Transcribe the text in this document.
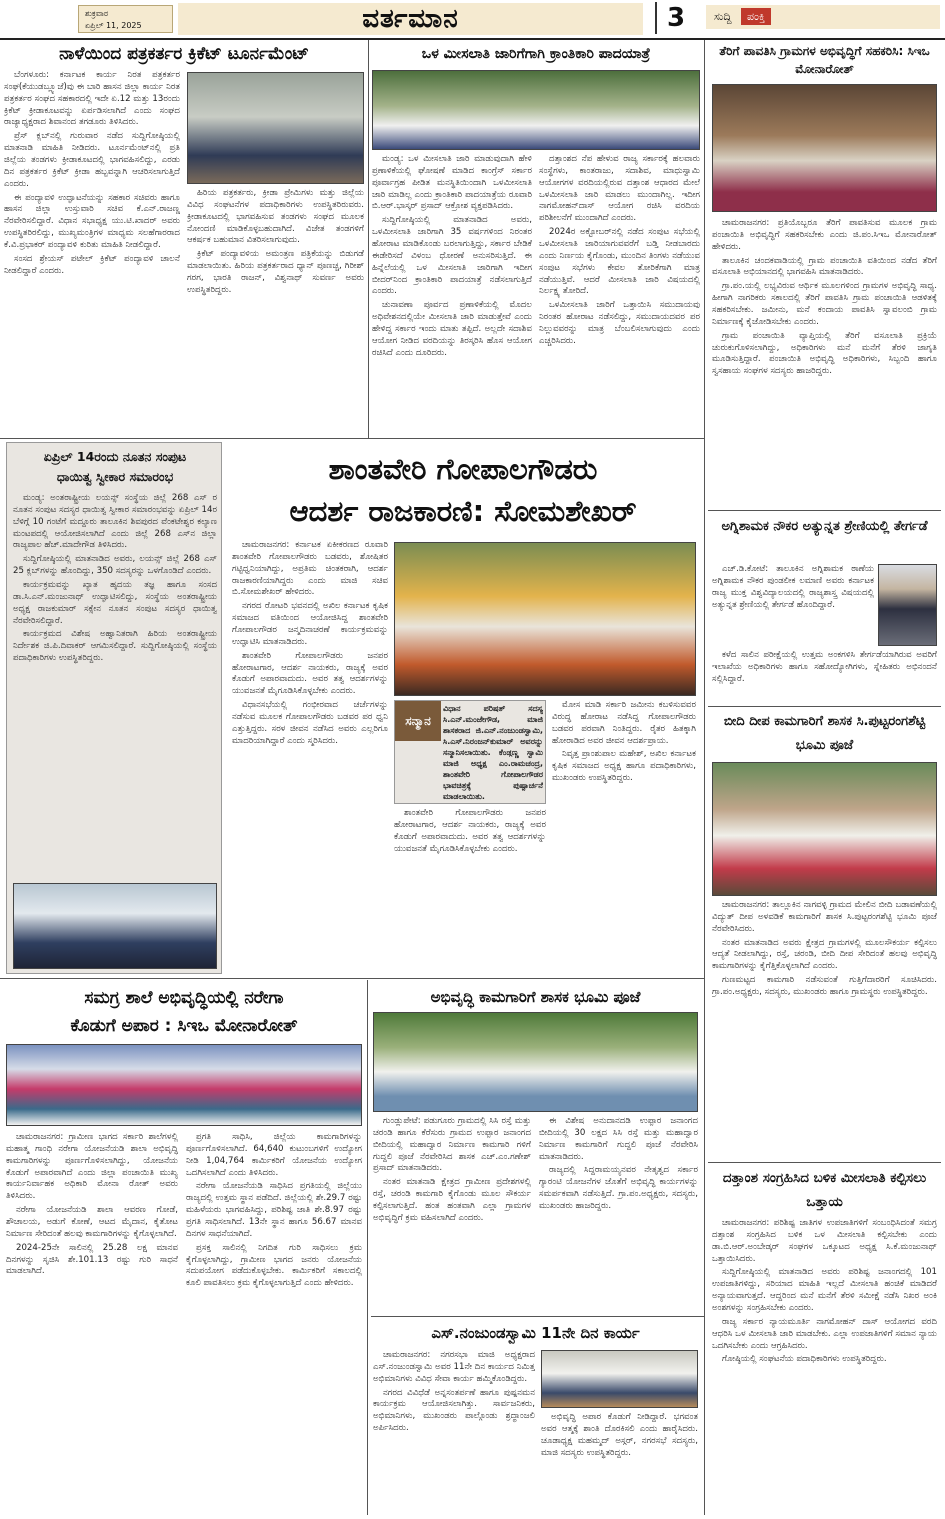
ಶುಕ್ರವಾರ
ಏಪ್ರಿಲ್ 11, 2025	ವರ್ತಮಾನ	3	ಸುದ್ದಿ ಪಂಕ್ತಿ
ನಾಳೆಯಿಂದ ಪತ್ರಕರ್ತರ ಕ್ರಿಕೆಟ್ ಟೂರ್ನಮೆಂಟ್

ಬೆಂಗಳೂರು: ಕರ್ನಾಟಕ ಕಾರ್ಯ ನಿರತ ಪತ್ರಕರ್ತರ ಸಂಘ(ಕೆಯುಡಬ್ಲ್ಯೂಜೆ)ವು ಈ ಬಾರಿ ಹಾಸನ ಜಿಲ್ಲಾ ಕಾರ್ಯ ನಿರತ ಪತ್ರಕರ್ತರ ಸಂಘದ ಸಹಕಾರದಲ್ಲಿ ಇದೇ ಏ.12 ಮತ್ತು 13ರಂದು ಕ್ರಿಕೆಟ್ ಕ್ರೀಡಾಕೂಟವನ್ನು ಏರ್ಪಡಿಸಲಾಗಿದೆ ಎಂದು ಸಂಘದ ರಾಜ್ಯಾಧ್ಯಕ್ಷರಾದ ಶಿವಾನಂದ ತಗಡೂರು ತಿಳಿಸಿದರು.

ಪ್ರೆಸ್ ಕ್ಲಬ್‌ನಲ್ಲಿ ಗುರುವಾರ ನಡೆದ ಸುದ್ದಿಗೋಷ್ಠಿಯಲ್ಲಿ ಮಾತನಾಡಿ ಮಾಹಿತಿ ನೀಡಿದರು. ಟೂರ್ನಮೆಂಟ್‌ನಲ್ಲಿ ಪ್ರತಿ ಜಿಲ್ಲೆಯ ತಂಡಗಳು ಕ್ರೀಡಾಕೂಟದಲ್ಲಿ ಭಾಗವಹಿಸಲಿದ್ದು, ಎರಡು ದಿನ ಪತ್ರಕರ್ತರ ಕ್ರಿಕೆಟ್ ಕ್ರೀಡಾ ಹಬ್ಬವನ್ನಾಗಿ ಆಚರಿಸಲಾಗುತ್ತಿದೆ ಎಂದರು.

ಈ ಪಂದ್ಯಾವಳಿ ಉದ್ಘಾಟನೆಯನ್ನು ಸಹಕಾರ ಸಚಿವರು ಹಾಗೂ ಹಾಸನ ಜಿಲ್ಲಾ ಉಸ್ತುವಾರಿ ಸಚಿವ ಕೆ.ಎನ್.ರಾಜಣ್ಣ ನೆರವೇರಿಸಲಿದ್ದಾರೆ. ವಿಧಾನ ಸಭಾಧ್ಯಕ್ಷ ಯು.ಟಿ.ಖಾದರ್ ಅವರು ಉಪಸ್ಥಿತರಿರಲಿದ್ದು, ಮುಖ್ಯಮಂತ್ರಿಗಳ ಮಾಧ್ಯಮ ಸಲಹೆಗಾರರಾದ ಕೆ.ವಿ.ಪ್ರಭಾಕರ್ ಪಂದ್ಯಾವಳಿ ಕುರಿತು ಮಾಹಿತಿ ನೀಡಲಿದ್ದಾರೆ.

ಸಂಸದ ಶ್ರೇಯಸ್ ಪಟೇಲ್ ಕ್ರಿಕೆಟ್ ಪಂದ್ಯಾವಳಿ ಚಾಲನೆ ನೀಡಲಿದ್ದಾರೆ ಎಂದರು.

ಹಿರಿಯ ಪತ್ರಕರ್ತರು, ಕ್ರೀಡಾ ಪ್ರೇಮಿಗಳು ಮತ್ತು ಜಿಲ್ಲೆಯ ವಿವಿಧ ಸಂಘಟನೆಗಳ ಪದಾಧಿಕಾರಿಗಳು ಉಪಸ್ಥಿತರಿರುವರು. ಕ್ರೀಡಾಕೂಟದಲ್ಲಿ ಭಾಗವಹಿಸುವ ತಂಡಗಳು ಸಂಘದ ಮೂಲಕ ನೋಂದಣಿ ಮಾಡಿಕೊಳ್ಳಬಹುದಾಗಿದೆ. ವಿಜೇತ ತಂಡಗಳಿಗೆ ಆಕರ್ಷಕ ಬಹುಮಾನ ವಿತರಿಸಲಾಗುವುದು.

ಕ್ರಿಕೆಟ್ ಪಂದ್ಯಾವಳಿಯ ಅಮಂತ್ರಣ ಪತ್ರಿಕೆಯನ್ನು ಬಿಡುಗಡೆ ಮಾಡಲಾಯಿತು. ಹಿರಿಯ ಪತ್ರಕರ್ತರಾದ ಧ್ಯಾನ್ ಪೂಣಚ್ಚ, ಗಿರೀಶ್ ಗರಗ, ಭಾರತಿ ರಾಜನ್, ವಿಶ್ವನಾಥ್ ಸುವರ್ಣ ಅವರು ಉಪಸ್ಥಿತರಿದ್ದರು.

ಒಳ ಮೀಸಲಾತಿ ಜಾರಿಗೆಗಾಗಿ ಕ್ರಾಂತಿಕಾರಿ ಪಾದಯಾತ್ರೆ

ಮಂಡ್ಯ: ಒಳ ಮೀಸಲಾತಿ ಜಾರಿ ಮಾಡುವುದಾಗಿ ಹೇಳಿ ಪ್ರಣಾಳಿಕೆಯಲ್ಲಿ ಘೋಷಣೆ ಮಾಡಿದ ಕಾಂಗ್ರೆಸ್ ಸರ್ಕಾರ ಪೂರ್ವಾಗ್ರಹ ಪೀಡಿತ ಮನಸ್ಥಿತಿಯಿಂದಾಗಿ ಒಳಮೀಸಲಾತಿ ಜಾರಿ ಮಾಡಿಲ್ಲ ಎಂದು ಕ್ರಾಂತಿಕಾರಿ ಪಾದಯಾತ್ರೆಯ ರೂವಾರಿ ಬಿ.ಆರ್.ಭಾಸ್ಕರ್ ಪ್ರಸಾದ್ ಆಕ್ರೋಶ ವ್ಯಕ್ತಪಡಿಸಿದರು.

ಸುದ್ದಿಗೋಷ್ಠಿಯಲ್ಲಿ ಮಾತನಾಡಿದ ಅವರು, ಒಳಮೀಸಲಾತಿ ಜಾರಿಗಾಗಿ 35 ವರ್ಷಗಳಿಂದ ನಿರಂತರ ಹೋರಾಟ ಮಾಡಿಕೊಂಡು ಬರಲಾಗುತ್ತಿದ್ದು, ಸರ್ಕಾರ ಬೇಡಿಕೆ ಈಡೇರಿಸದೆ ವಿಳಂಬ ಧೋರಣೆ ಅನುಸರಿಸುತ್ತಿದೆ. ಈ ಹಿನ್ನೆಲೆಯಲ್ಲಿ ಒಳ ಮೀಸಲಾತಿ ಜಾರಿಗಾಗಿ ಇದೀಗ ಬೀದರ್‌ನಿಂದ ಕ್ರಾಂತಿಕಾರಿ ಪಾದಯಾತ್ರೆ ನಡೆಸಲಾಗುತ್ತಿದೆ ಎಂದರು.

ಚುನಾವಣಾ ಪೂರ್ವದ ಪ್ರಣಾಳಿಕೆಯಲ್ಲಿ ಮೊದಲ ಅಧಿವೇಶನದಲ್ಲಿಯೇ ಮೀಸಲಾತಿ ಜಾರಿ ಮಾಡುತ್ತೇವೆ ಎಂದು ಹೇಳಿದ್ದ ಸರ್ಕಾರ ಇಂದು ಮಾತು ತಪ್ಪಿದೆ. ಅಲ್ಲದೇ ಸದಾಶಿವ ಆಯೋಗ ನೀಡಿದ ವರದಿಯನ್ನು ತಿರಸ್ಕರಿಸಿ ಹೊಸ ಆಯೋಗ ರಚಿಸಿದೆ ಎಂದು ದೂರಿದರು.

ದತ್ತಾಂಶದ ನೆಪ ಹೇಳುವ ರಾಜ್ಯ ಸರ್ಕಾರಕ್ಕೆ ಹಲವಾರು ಸಂಸ್ಥೆಗಳು, ಕಾಂತರಾಜು, ಸದಾಶಿವ, ಮಾಧುಸ್ವಾಮಿ ಆಯೋಗಗಳ ವರದಿಯಲ್ಲಿರುವ ದತ್ತಾಂಶ ಆಧಾರದ ಮೇಲೆ ಒಳಮೀಸಲಾತಿ ಜಾರಿ ಮಾಡಲು ಮುಂದಾಗಿಲ್ಲ. ಇದೀಗ ನಾಗಮೋಹನ್‌ದಾಸ್ ಆಯೋಗ ರಚಿಸಿ ವರದಿಯ ಪರಿಶೀಲನೆಗೆ ಮುಂದಾಗಿದೆ ಎಂದರು.

2024ರ ಅಕ್ಟೋಬರ್‌ನಲ್ಲಿ ನಡೆದ ಸಂಪುಟ ಸಭೆಯಲ್ಲಿ ಒಳಮೀಸಲಾತಿ ಜಾರಿಯಾಗುವವರೆಗೆ ಬಡ್ತಿ ನೀಡಬಾರದು ಎಂದು ನಿರ್ಣಯ ಕೈಗೊಂಡು, ಮುಂದಿನ ತಿಂಗಳು ನಡೆಯುವ ಸಂಪುಟ ಸಭೆಗಳು ಕೇವಲ ತೋರಿಕೆಗಾಗಿ ಮಾತ್ರ ನಡೆಯುತ್ತಿವೆ. ಆದರೆ ಮೀಸಲಾತಿ ಜಾರಿ ವಿಷಯದಲ್ಲಿ ನಿರ್ಲಕ್ಷ್ಯ ತೋರಿದೆ.

ಒಳಮೀಸಲಾತಿ ಜಾರಿಗೆ ಒತ್ತಾಯಿಸಿ ಸಮುದಾಯವು ನಿರಂತರ ಹೋರಾಟ ನಡೆಸಲಿದ್ದು, ಸಮುದಾಯದವರ ಪರ ನಿಲ್ಲುವವರನ್ನು ಮಾತ್ರ ಬೆಂಬಲಿಸಲಾಗುವುದು ಎಂದು ಎಚ್ಚರಿಸಿದರು.

ಏಪ್ರಿಲ್ 14ರಂದು ನೂತನ ಸಂಪುಟ
ಧಾಯಿತ್ವ ಸ್ವೀಕಾರ ಸಮಾರಂಭ

ಮಂಡ್ಯ: ಅಂತರಾಷ್ಟ್ರೀಯ ಲಯನ್ಸ್ ಸಂಸ್ಥೆಯ ಜಿಲ್ಲೆ 268 ಎಸ್ ರ ನೂತನ ಸಂಪುಟ ಸದಸ್ಯರ ಧಾಯಿತ್ವ ಸ್ವೀಕಾರ ಸಮಾರಂಭವನ್ನು ಏಪ್ರಿಲ್ 14ರ ಬೆಳಿಗ್ಗೆ 10 ಗಂಟೆಗೆ ಮದ್ದೂರು ತಾಲೂಕಿನ ಶಿವಪುರದ ವೆಂಕಟೇಶ್ವರ ಕಲ್ಯಾಣ ಮಂಟಪದಲ್ಲಿ ಆಯೋಜಿಸಲಾಗಿದೆ ಎಂದು ಜಿಲ್ಲೆ 268 ಎಸ್‌ನ ಜಿಲ್ಲಾ ರಾಜ್ಯಪಾಲ ಹೆಚ್.ಮಾದೇಗೌಡ ತಿಳಿಸಿದರು.

ಸುದ್ದಿಗೋಷ್ಠಿಯಲ್ಲಿ ಮಾತನಾಡಿದ ಅವರು, ಲಯನ್ಸ್ ಜಿಲ್ಲೆ 268 ಎಸ್ 25 ಕ್ಲಬ್‌ಗಳನ್ನು ಹೊಂದಿದ್ದು, 350 ಸದಸ್ಯರನ್ನು ಒಳಗೊಂಡಿದೆ ಎಂದರು.

ಕಾರ್ಯಕ್ರಮವನ್ನು ಖ್ಯಾತ ಹೃದಯ ತಜ್ಞ ಹಾಗೂ ಸಂಸದ ಡಾ.ಸಿ.ಎನ್.ಮಂಜುನಾಥ್ ಉದ್ಘಾಟಿಸಲಿದ್ದು, ಸಂಸ್ಥೆಯ ಅಂತರಾಷ್ಟ್ರೀಯ ಅಧ್ಯಕ್ಷ ರಾಜಕುಮಾರ್ ಸಕ್ಸೇನ ನೂತನ ಸಂಪುಟ ಸದಸ್ಯರ ಧಾಯಿತ್ವ ನೆರವೇರಿಸಲಿದ್ದಾರೆ.

ಕಾರ್ಯಕ್ರಮದ ವಿಶೇಷ ಅಹ್ವಾನಿತರಾಗಿ ಹಿರಿಯ ಅಂತರಾಷ್ಟ್ರೀಯ ನಿರ್ದೇಶಕ ಜಿ.ಪಿ.ದಿವಾಕರ್ ಆಗಮಿಸಲಿದ್ದಾರೆ. ಸುದ್ದಿಗೋಷ್ಠಿಯಲ್ಲಿ ಸಂಸ್ಥೆಯ ಪದಾಧಿಕಾರಿಗಳು ಉಪಸ್ಥಿತರಿದ್ದರು.

ಶಾಂತವೇರಿ ಗೋಪಾಲಗೌಡರು
ಆದರ್ಶ ರಾಜಕಾರಣಿ: ಸೋಮಶೇಖರ್

ಚಾಮರಾಜನಗರ: ಕರ್ನಾಟಕ ಏಕೀಕರಣದ ರೂವಾರಿ ಶಾಂತವೇರಿ ಗೋಪಾಲಗೌಡರು ಬಡವರು, ಶೋಷಿತರ ಗಟ್ಟಿಧ್ವನಿಯಾಗಿದ್ದು, ಅಪ್ರತಿಮ ಚಿಂತಕರಾಗಿ, ಆದರ್ಶ ರಾಜಕಾರಣಿಯಾಗಿದ್ದರು ಎಂದು ಮಾಜಿ ಸಚಿವ ಬಿ.ಸೋಮಶೇಖರ್ ಹೇಳಿದರು.

ನಗರದ ರೋಟರಿ ಭವನದಲ್ಲಿ ಅಖಿಲ ಕರ್ನಾಟಕ ಕೃಷಿಕ ಸಮಾಜದ ವತಿಯಿಂದ ಆಯೋಜಿಸಿದ್ದ ಶಾಂತವೇರಿ ಗೋಪಾಲಗೌಡರ ಜನ್ಮದಿನಾಚರಣೆ ಕಾರ್ಯಕ್ರಮವನ್ನು ಉದ್ಘಾಟಿಸಿ ಮಾತನಾಡಿದರು.

ಶಾಂತವೇರಿ ಗೋಪಾಲಗೌಡರು ಜನಪರ ಹೋರಾಟಗಾರ, ಆದರ್ಶ ನಾಯಕರು, ರಾಜ್ಯಕ್ಕೆ ಅವರ ಕೊಡುಗೆ ಅಪಾರವಾದುದು. ಅವರ ತತ್ವ ಆದರ್ಶಗಳನ್ನು ಯುವಜನತೆ ಮೈಗೂಡಿಸಿಕೊಳ್ಳಬೇಕು ಎಂದರು.

ವಿಧಾನಸಭೆಯಲ್ಲಿ ಗಂಭೀರವಾದ ಚರ್ಚೆಗಳನ್ನು ನಡೆಸುವ ಮೂಲಕ ಗೋಪಾಲಗೌಡರು ಬಡವರ ಪರ ಧ್ವನಿ ಎತ್ತುತ್ತಿದ್ದರು. ಸರಳ ಜೀವನ ನಡೆಸಿದ ಅವರು ಎಲ್ಲರಿಗೂ ಮಾದರಿಯಾಗಿದ್ದಾರೆ ಎಂದು ಸ್ಮರಿಸಿದರು.

ಸನ್ಮಾನ
ವಿಧಾನ ಪರಿಷತ್ ಸದಸ್ಯ ಸಿ.ಎನ್.ಮಂಜೇಗೌಡ, ಮಾಜಿ ಶಾಸಕರಾದ ಜಿ.ಎನ್.ನಂಜುಂಡಸ್ವಾಮಿ, ಸಿ.ಎಸ್.ನಿರಂಜನ್‌ಕುಮಾರ್ ಅವರನ್ನು ಸನ್ಮಾನಿಸಲಾಯಿತು. ಕೆಂಡ್ಗಣ್ಣ ಸ್ವಾಮಿ ಮಾಜಿ ಅಧ್ಯಕ್ಷ ಎಂ.ರಾಮಚಂದ್ರ, ಶಾಂತವೇರಿ ಗೋಪಾಲಗೌಡರ ಭಾವಚಿತ್ರಕ್ಕೆ ಪುಷ್ಪಾರ್ಚನೆ ಮಾಡಲಾಯಿತು.

ಮೋಸ ಮಾಡಿ ಸರ್ಕಾರಿ ಜಮೀನು ಕಬಳಿಸುವವರ ವಿರುದ್ಧ ಹೋರಾಟ ನಡೆಸಿದ್ದ ಗೋಪಾಲಗೌಡರು ಬಡವರ ಪರವಾಗಿ ನಿಂತಿದ್ದರು. ರೈತರ ಹಿತಕ್ಕಾಗಿ ಹೋರಾಡಿದ ಅವರ ಜೀವನ ಆದರ್ಶಪ್ರಾಯ.

ನಿವೃತ್ತ ಪ್ರಾಂಶುಪಾಲ ಮಹೇಶ್, ಅಖಿಲ ಕರ್ನಾಟಕ ಕೃಷಿಕ ಸಮಾಜದ ಅಧ್ಯಕ್ಷ ಹಾಗೂ ಪದಾಧಿಕಾರಿಗಳು, ಮುಖಂಡರು ಉಪಸ್ಥಿತರಿದ್ದರು.

ಶಾಂತವೇರಿ ಗೋಪಾಲಗೌಡರು ಜನಪರ ಹೋರಾಟಗಾರ, ಆದರ್ಶ ನಾಯಕರು, ರಾಜ್ಯಕ್ಕೆ ಅವರ ಕೊಡುಗೆ ಅಪಾರವಾದುದು. ಅವರ ತತ್ವ ಆದರ್ಶಗಳನ್ನು ಯುವಜನತೆ ಮೈಗೂಡಿಸಿಕೊಳ್ಳಬೇಕು ಎಂದರು.

ತೆರಿಗೆ ಪಾವತಿಸಿ ಗ್ರಾಮಗಳ ಅಭಿವೃದ್ಧಿಗೆ ಸಹಕರಿಸಿ: ಸಿಇಒ ಮೋನಾರೋತ್

ಚಾಮರಾಜನಗರ: ಪ್ರತಿಯೊಬ್ಬರೂ ತೆರಿಗೆ ಪಾವತಿಸುವ ಮೂಲಕ ಗ್ರಾಮ ಪಂಚಾಯಿತಿ ಅಭಿವೃದ್ಧಿಗೆ ಸಹಕರಿಸಬೇಕು ಎಂದು ಜಿ.ಪಂ.ಸಿಇಒ ಮೋನಾರೋತ್ ಹೇಳಿದರು.

ತಾಲೂಕಿನ ಚಂದಕವಾಡಿಯಲ್ಲಿ ಗ್ರಾಮ ಪಂಚಾಯಿತಿ ವತಿಯಿಂದ ನಡೆದ ತೆರಿಗೆ ವಸೂಲಾತಿ ಅಭಿಯಾನದಲ್ಲಿ ಭಾಗವಹಿಸಿ ಮಾತನಾಡಿದರು.

ಗ್ರಾ.ಪಂ.ಯಲ್ಲಿ ಲಭ್ಯವಿರುವ ಆರ್ಥಿಕ ಮೂಲಗಳಿಂದ ಗ್ರಾಮಗಳ ಅಭಿವೃದ್ಧಿ ಸಾಧ್ಯ. ಹೀಗಾಗಿ ನಾಗರಿಕರು ಸಕಾಲದಲ್ಲಿ ತೆರಿಗೆ ಪಾವತಿಸಿ ಗ್ರಾಮ ಪಂಚಾಯಿತಿ ಆಡಳಿತಕ್ಕೆ ಸಹಕರಿಸಬೇಕು. ಜಮೀನು, ಮನೆ ಕಂದಾಯ ಪಾವತಿಸಿ ಸ್ವಾವಲಂಬಿ ಗ್ರಾಮ ನಿರ್ಮಾಣಕ್ಕೆ ಕೈಜೋಡಿಸಬೇಕು ಎಂದರು.

ಗ್ರಾಮ ಪಂಚಾಯಿತಿ ವ್ಯಾಪ್ತಿಯಲ್ಲಿ ತೆರಿಗೆ ವಸೂಲಾತಿ ಪ್ರಕ್ರಿಯೆ ಚುರುಕುಗೊಳಿಸಲಾಗಿದ್ದು, ಅಧಿಕಾರಿಗಳು ಮನೆ ಮನೆಗೆ ತೆರಳಿ ಜಾಗೃತಿ ಮೂಡಿಸುತ್ತಿದ್ದಾರೆ. ಪಂಚಾಯಿತಿ ಅಭಿವೃದ್ಧಿ ಅಧಿಕಾರಿಗಳು, ಸಿಬ್ಬಂದಿ ಹಾಗೂ ಸ್ವಸಹಾಯ ಸಂಘಗಳ ಸದಸ್ಯರು ಹಾಜರಿದ್ದರು.

ಅಗ್ನಿಶಾಮಕ ನೌಕರ ಅತ್ಯುನ್ನತ ಶ್ರೇಣಿಯಲ್ಲಿ ತೇರ್ಗಡೆ

ಎಚ್.ಡಿ.ಕೋಟೆ: ತಾಲೂಕಿನ ಅಗ್ನಿಶಾಮಕ ಠಾಣೆಯ ಅಗ್ನಿಶಾಮಕ ನೌಕರ ಪುಂಡಲೀಕ ಲಮಾಣಿ ಅವರು ಕರ್ನಾಟಕ ರಾಜ್ಯ ಮುಕ್ತ ವಿಶ್ವವಿದ್ಯಾಲಯದಲ್ಲಿ ರಾಜ್ಯಶಾಸ್ತ್ರ ವಿಷಯದಲ್ಲಿ ಅತ್ಯುನ್ನತ ಶ್ರೇಣಿಯಲ್ಲಿ ತೇರ್ಗಡೆ ಹೊಂದಿದ್ದಾರೆ.

ಕಳೆದ ಸಾಲಿನ ಪರೀಕ್ಷೆಯಲ್ಲಿ ಉತ್ತಮ ಅಂಕಗಳಿಸಿ ತೇರ್ಗಡೆಯಾಗಿರುವ ಅವರಿಗೆ ಇಲಾಖೆಯ ಅಧಿಕಾರಿಗಳು ಹಾಗೂ ಸಹೋದ್ಯೋಗಿಗಳು, ಸ್ನೇಹಿತರು ಅಭಿನಂದನೆ ಸಲ್ಲಿಸಿದ್ದಾರೆ.

ಬೀದಿ ದೀಪ ಕಾಮಗಾರಿಗೆ ಶಾಸಕ ಸಿ.ಪುಟ್ಟರಂಗಶೆಟ್ಟಿ ಭೂಮಿ ಪೂಜೆ

ಚಾಮರಾಜನಗರ: ತಾಲ್ಲೂಕಿನ ನಾಗವಳ್ಳಿ ಗ್ರಾಮದ ಮೇಲಿನ ಬೀದಿ ಬಡಾವಣೆಯಲ್ಲಿ ವಿದ್ಯುತ್ ದೀಪ ಅಳವಡಿಕೆ ಕಾಮಗಾರಿಗೆ ಶಾಸಕ ಸಿ.ಪುಟ್ಟರಂಗಶೆಟ್ಟಿ ಭೂಮಿ ಪೂಜೆ ನೆರವೇರಿಸಿದರು.

ನಂತರ ಮಾತನಾಡಿದ ಅವರು ಕ್ಷೇತ್ರದ ಗ್ರಾಮಗಳಲ್ಲಿ ಮೂಲಸೌಕರ್ಯ ಕಲ್ಪಿಸಲು ಆದ್ಯತೆ ನೀಡಲಾಗಿದ್ದು, ರಸ್ತೆ, ಚರಂಡಿ, ಬೀದಿ ದೀಪ ಸೇರಿದಂತೆ ಹಲವು ಅಭಿವೃದ್ಧಿ ಕಾಮಗಾರಿಗಳನ್ನು ಕೈಗೆತ್ತಿಕೊಳ್ಳಲಾಗಿದೆ ಎಂದರು.

ಗುಣಮಟ್ಟದ ಕಾಮಗಾರಿ ನಡೆಸುವಂತೆ ಗುತ್ತಿಗೆದಾರರಿಗೆ ಸೂಚಿಸಿದರು. ಗ್ರಾ.ಪಂ.ಅಧ್ಯಕ್ಷರು, ಸದಸ್ಯರು, ಮುಖಂಡರು ಹಾಗೂ ಗ್ರಾಮಸ್ಥರು ಉಪಸ್ಥಿತರಿದ್ದರು.

ದತ್ತಾಂಶ ಸಂಗ್ರಹಿಸಿದ ಬಳಿಕ ಮೀಸಲಾತಿ ಕಲ್ಪಿಸಲು ಒತ್ತಾಯ

ಚಾಮರಾಜನಗರ: ಪರಿಶಿಷ್ಟ ಜಾತಿಗಳ ಉಪಜಾತಿಗಳಿಗೆ ಸಂಬಂಧಿಸಿದಂತೆ ಸಮಗ್ರ ದತ್ತಾಂಶ ಸಂಗ್ರಹಿಸಿದ ಬಳಿಕ ಒಳ ಮೀಸಲಾತಿ ಕಲ್ಪಿಸಬೇಕು ಎಂದು ಡಾ.ಬಿ.ಆರ್.ಅಂಬೇಡ್ಕರ್ ಸಂಘಗಳ ಒಕ್ಕೂಟದ ಅಧ್ಯಕ್ಷ ಸಿ.ಕೆ.ಮಂಜುನಾಥ್ ಒತ್ತಾಯಿಸಿದರು.

ಸುದ್ದಿಗೋಷ್ಠಿಯಲ್ಲಿ ಮಾತನಾಡಿದ ಅವರು ಪರಿಶಿಷ್ಟ ಜನಾಂಗದಲ್ಲಿ 101 ಉಪಜಾತಿಗಳಿದ್ದು, ಸರಿಯಾದ ಮಾಹಿತಿ ಇಲ್ಲದೆ ಮೀಸಲಾತಿ ಹಂಚಿಕೆ ಮಾಡಿದರೆ ಅನ್ಯಾಯವಾಗುತ್ತದೆ. ಆದ್ದರಿಂದ ಮನೆ ಮನೆಗೆ ತೆರಳಿ ಸಮೀಕ್ಷೆ ನಡೆಸಿ ನಿಖರ ಅಂಕಿ ಅಂಶಗಳನ್ನು ಸಂಗ್ರಹಿಸಬೇಕು ಎಂದರು.

ರಾಜ್ಯ ಸರ್ಕಾರ ನ್ಯಾಯಮೂರ್ತಿ ನಾಗಮೋಹನ್ ದಾಸ್ ಆಯೋಗದ ವರದಿ ಆಧರಿಸಿ ಒಳ ಮೀಸಲಾತಿ ಜಾರಿ ಮಾಡಬೇಕು. ಎಲ್ಲಾ ಉಪಜಾತಿಗಳಿಗೆ ಸಮಾನ ನ್ಯಾಯ ಒದಗಿಸಬೇಕು ಎಂದು ಆಗ್ರಹಿಸಿದರು.

ಗೋಷ್ಠಿಯಲ್ಲಿ ಸಂಘಟನೆಯ ಪದಾಧಿಕಾರಿಗಳು ಉಪಸ್ಥಿತರಿದ್ದರು.

ಸಮಗ್ರ ಶಾಲೆ ಅಭಿವೃದ್ಧಿಯಲ್ಲಿ ನರೇಗಾ
ಕೊಡುಗೆ ಅಪಾರ : ಸಿಇಒ ಮೋನಾರೋತ್

ಚಾಮರಾಜನಗರ: ಗ್ರಾಮೀಣ ಭಾಗದ ಸರ್ಕಾರಿ ಶಾಲೆಗಳಲ್ಲಿ ಮಹಾತ್ಮ ಗಾಂಧಿ ನರೇಗಾ ಯೋಜನೆಯಡಿ ಶಾಲಾ ಅಭಿವೃದ್ಧಿ ಕಾಮಗಾರಿಗಳನ್ನು ಪೂರ್ಣಗೊಳಿಸಲಾಗಿದ್ದು, ಯೋಜನೆಯ ಕೊಡುಗೆ ಅಪಾರವಾಗಿದೆ ಎಂದು ಜಿಲ್ಲಾ ಪಂಚಾಯಿತಿ ಮುಖ್ಯ ಕಾರ್ಯನಿರ್ವಾಹಕ ಅಧಿಕಾರಿ ಮೋನಾ ರೋತ್ ಅವರು ತಿಳಿಸಿದರು.

ನರೇಗಾ ಯೋಜನೆಯಡಿ ಶಾಲಾ ಆವರಣ ಗೋಡೆ, ಶೌಚಾಲಯ, ಅಡುಗೆ ಕೋಣೆ, ಆಟದ ಮೈದಾನ, ಕೈತೋಟ ನಿರ್ಮಾಣ ಸೇರಿದಂತೆ ಹಲವು ಕಾಮಗಾರಿಗಳನ್ನು ಕೈಗೊಳ್ಳಲಾಗಿದೆ.

2024-25ನೇ ಸಾಲಿನಲ್ಲಿ 25.28 ಲಕ್ಷ ಮಾನವ ದಿನಗಳನ್ನು ಸೃಜಿಸಿ ಶೇ.101.13 ರಷ್ಟು ಗುರಿ ಸಾಧನೆ ಮಾಡಲಾಗಿದೆ.

ಪ್ರಗತಿ ಸಾಧಿಸಿ, ಜಿಲ್ಲೆಯ ಕಾಮಗಾರಿಗಳನ್ನು ಪೂರ್ಣಗೊಳಿಸಲಾಗಿದೆ. 64,640 ಕುಟುಂಬಗಳಿಗೆ ಉದ್ಯೋಗ ನೀಡಿ 1,04,764 ಕಾರ್ಮಿಕರಿಗೆ ಯೋಜನೆಯ ಉದ್ಯೋಗ ಒದಗಿಸಲಾಗಿದೆ ಎಂದು ತಿಳಿಸಿದರು.

ನರೇಗಾ ಯೋಜನೆಯಡಿ ಸಾಧಿಸಿದ ಪ್ರಗತಿಯಲ್ಲಿ ಜಿಲ್ಲೆಯು ರಾಜ್ಯದಲ್ಲಿ ಉತ್ತಮ ಸ್ಥಾನ ಪಡೆದಿದೆ. ಜಿಲ್ಲೆಯಲ್ಲಿ ಶೇ.29.7 ರಷ್ಟು ಮಹಿಳೆಯರು ಭಾಗವಹಿಸಿದ್ದು, ಪರಿಶಿಷ್ಟ ಜಾತಿ ಶೇ.8.97 ರಷ್ಟು ಪ್ರಗತಿ ಸಾಧಿಸಲಾಗಿದೆ. 13ನೇ ಸ್ಥಾನ ಹಾಗೂ 56.67 ಮಾನವ ದಿನಗಳ ಸಾಧನೆಯಾಗಿದೆ.

ಪ್ರಸಕ್ತ ಸಾಲಿನಲ್ಲಿ ನಿಗದಿತ ಗುರಿ ಸಾಧಿಸಲು ಕ್ರಮ ಕೈಗೊಳ್ಳಲಾಗಿದ್ದು, ಗ್ರಾಮೀಣ ಭಾಗದ ಜನರು ಯೋಜನೆಯ ಸದುಪಯೋಗ ಪಡೆದುಕೊಳ್ಳಬೇಕು. ಕಾರ್ಮಿಕರಿಗೆ ಸಕಾಲದಲ್ಲಿ ಕೂಲಿ ಪಾವತಿಸಲು ಕ್ರಮ ಕೈಗೊಳ್ಳಲಾಗುತ್ತಿದೆ ಎಂದು ಹೇಳಿದರು.

ಅಭಿವೃದ್ಧಿ ಕಾಮಗಾರಿಗೆ ಶಾಸಕ ಭೂಮಿ ಪೂಜೆ

ಗುಂಡ್ಲುಪೇಟೆ: ಪಡುಗೂರು ಗ್ರಾಮದಲ್ಲಿ ಸಿಸಿ ರಸ್ತೆ ಮತ್ತು ಚರಂಡಿ ಹಾಗೂ ಕೆರೆಸುರು ಗ್ರಾಮದ ಉಪ್ಪಾರ ಜನಾಂಗದ ಬೀದಿಯಲ್ಲಿ ಮಹಾದ್ವಾರ ನಿರ್ಮಾಣ ಕಾಮಗಾರಿ ಗಳಿಗೆ ಗುದ್ದಲಿ ಪೂಜೆ ನೆರವೇರಿಸಿದ ಶಾಸಕ ಎಚ್.ಎಂ.ಗಣೇಶ್ ಪ್ರಸಾದ್ ಮಾತನಾಡಿದರು.

ನಂತರ ಮಾತನಾಡಿ ಕ್ಷೇತ್ರದ ಗ್ರಾಮೀಣ ಪ್ರದೇಶಗಳಲ್ಲಿ ರಸ್ತೆ, ಚರಂಡಿ ಕಾಮಗಾರಿ ಕೈಗೊಂಡು ಮೂಲ ಸೌಕರ್ಯ ಕಲ್ಪಿಸಲಾಗುತ್ತಿದೆ. ಹಂತ ಹಂತವಾಗಿ ಎಲ್ಲಾ ಗ್ರಾಮಗಳ ಅಭಿವೃದ್ಧಿಗೆ ಕ್ರಮ ವಹಿಸಲಾಗಿದೆ ಎಂದರು.

ಈ ವಿಶೇಷ ಅನುದಾನದಡಿ ಉಪ್ಪಾರ ಜನಾಂಗದ ಬೀದಿಯಲ್ಲಿ 30 ಲಕ್ಷದ ಸಿಸಿ ರಸ್ತೆ ಮತ್ತು ಮಹಾದ್ವಾರ ನಿರ್ಮಾಣ ಕಾಮಗಾರಿಗೆ ಗುದ್ದಲಿ ಪೂಜೆ ನೆರವೇರಿಸಿ ಮಾತನಾಡಿದರು.

ರಾಜ್ಯದಲ್ಲಿ ಸಿದ್ದರಾಮಯ್ಯನವರ ನೇತೃತ್ವದ ಸರ್ಕಾರ ಗ್ಯಾರಂಟಿ ಯೋಜನೆಗಳ ಜೊತೆಗೆ ಅಭಿವೃದ್ಧಿ ಕಾರ್ಯಗಳನ್ನು ಸಮರ್ಪಕವಾಗಿ ನಡೆಸುತ್ತಿದೆ. ಗ್ರಾ.ಪಂ.ಅಧ್ಯಕ್ಷರು, ಸದಸ್ಯರು, ಮುಖಂಡರು ಹಾಜರಿದ್ದರು.

ಎಸ್.ನಂಜುಂಡಸ್ವಾಮಿ 11ನೇ ದಿನ ಕಾರ್ಯ

ಚಾಮರಾಜನಗರ: ನಗರಸಭಾ ಮಾಜಿ ಅಧ್ಯಕ್ಷರಾದ ಎಸ್.ನಂಜುಂಡಸ್ವಾಮಿ ಅವರ 11ನೇ ದಿನ ಕಾರ್ಯದ ನಿಮಿತ್ತ ಅಭಿಮಾನಿಗಳು ವಿವಿಧ ಸೇವಾ ಕಾರ್ಯ ಹಮ್ಮಿಕೊಂಡಿದ್ದರು.

ನಗರದ ವಿವಿಧೆಡೆ ಅನ್ನಸಂತರ್ಪಣೆ ಹಾಗೂ ಪುಷ್ಪನಮನ ಕಾರ್ಯಕ್ರಮ ಆಯೋಜಿಸಲಾಗಿತ್ತು. ಸಾರ್ವಜನಿಕರು, ಅಭಿಮಾನಿಗಳು, ಮುಖಂಡರು ಪಾಲ್ಗೊಂಡು ಶ್ರದ್ಧಾಂಜಲಿ ಅರ್ಪಿಸಿದರು.

ಅಭಿವೃದ್ಧಿ ಅಪಾರ ಕೊಡುಗೆ ನೀಡಿದ್ದಾರೆ. ಭಗವಂತ ಅವರ ಆತ್ಮಕ್ಕೆ ಶಾಂತಿ ದೊರಕಿಸಲಿ ಎಂದು ಹಾರೈಸಿದರು. ಚೂಡಾಧ್ಯಕ್ಷ ಮಹಮ್ಮದ್ ಅಸ್ಗರ್, ನಗರಸಭೆ ಸದಸ್ಯರು, ಮಾಜಿ ಸದಸ್ಯರು ಉಪಸ್ಥಿತರಿದ್ದರು.
